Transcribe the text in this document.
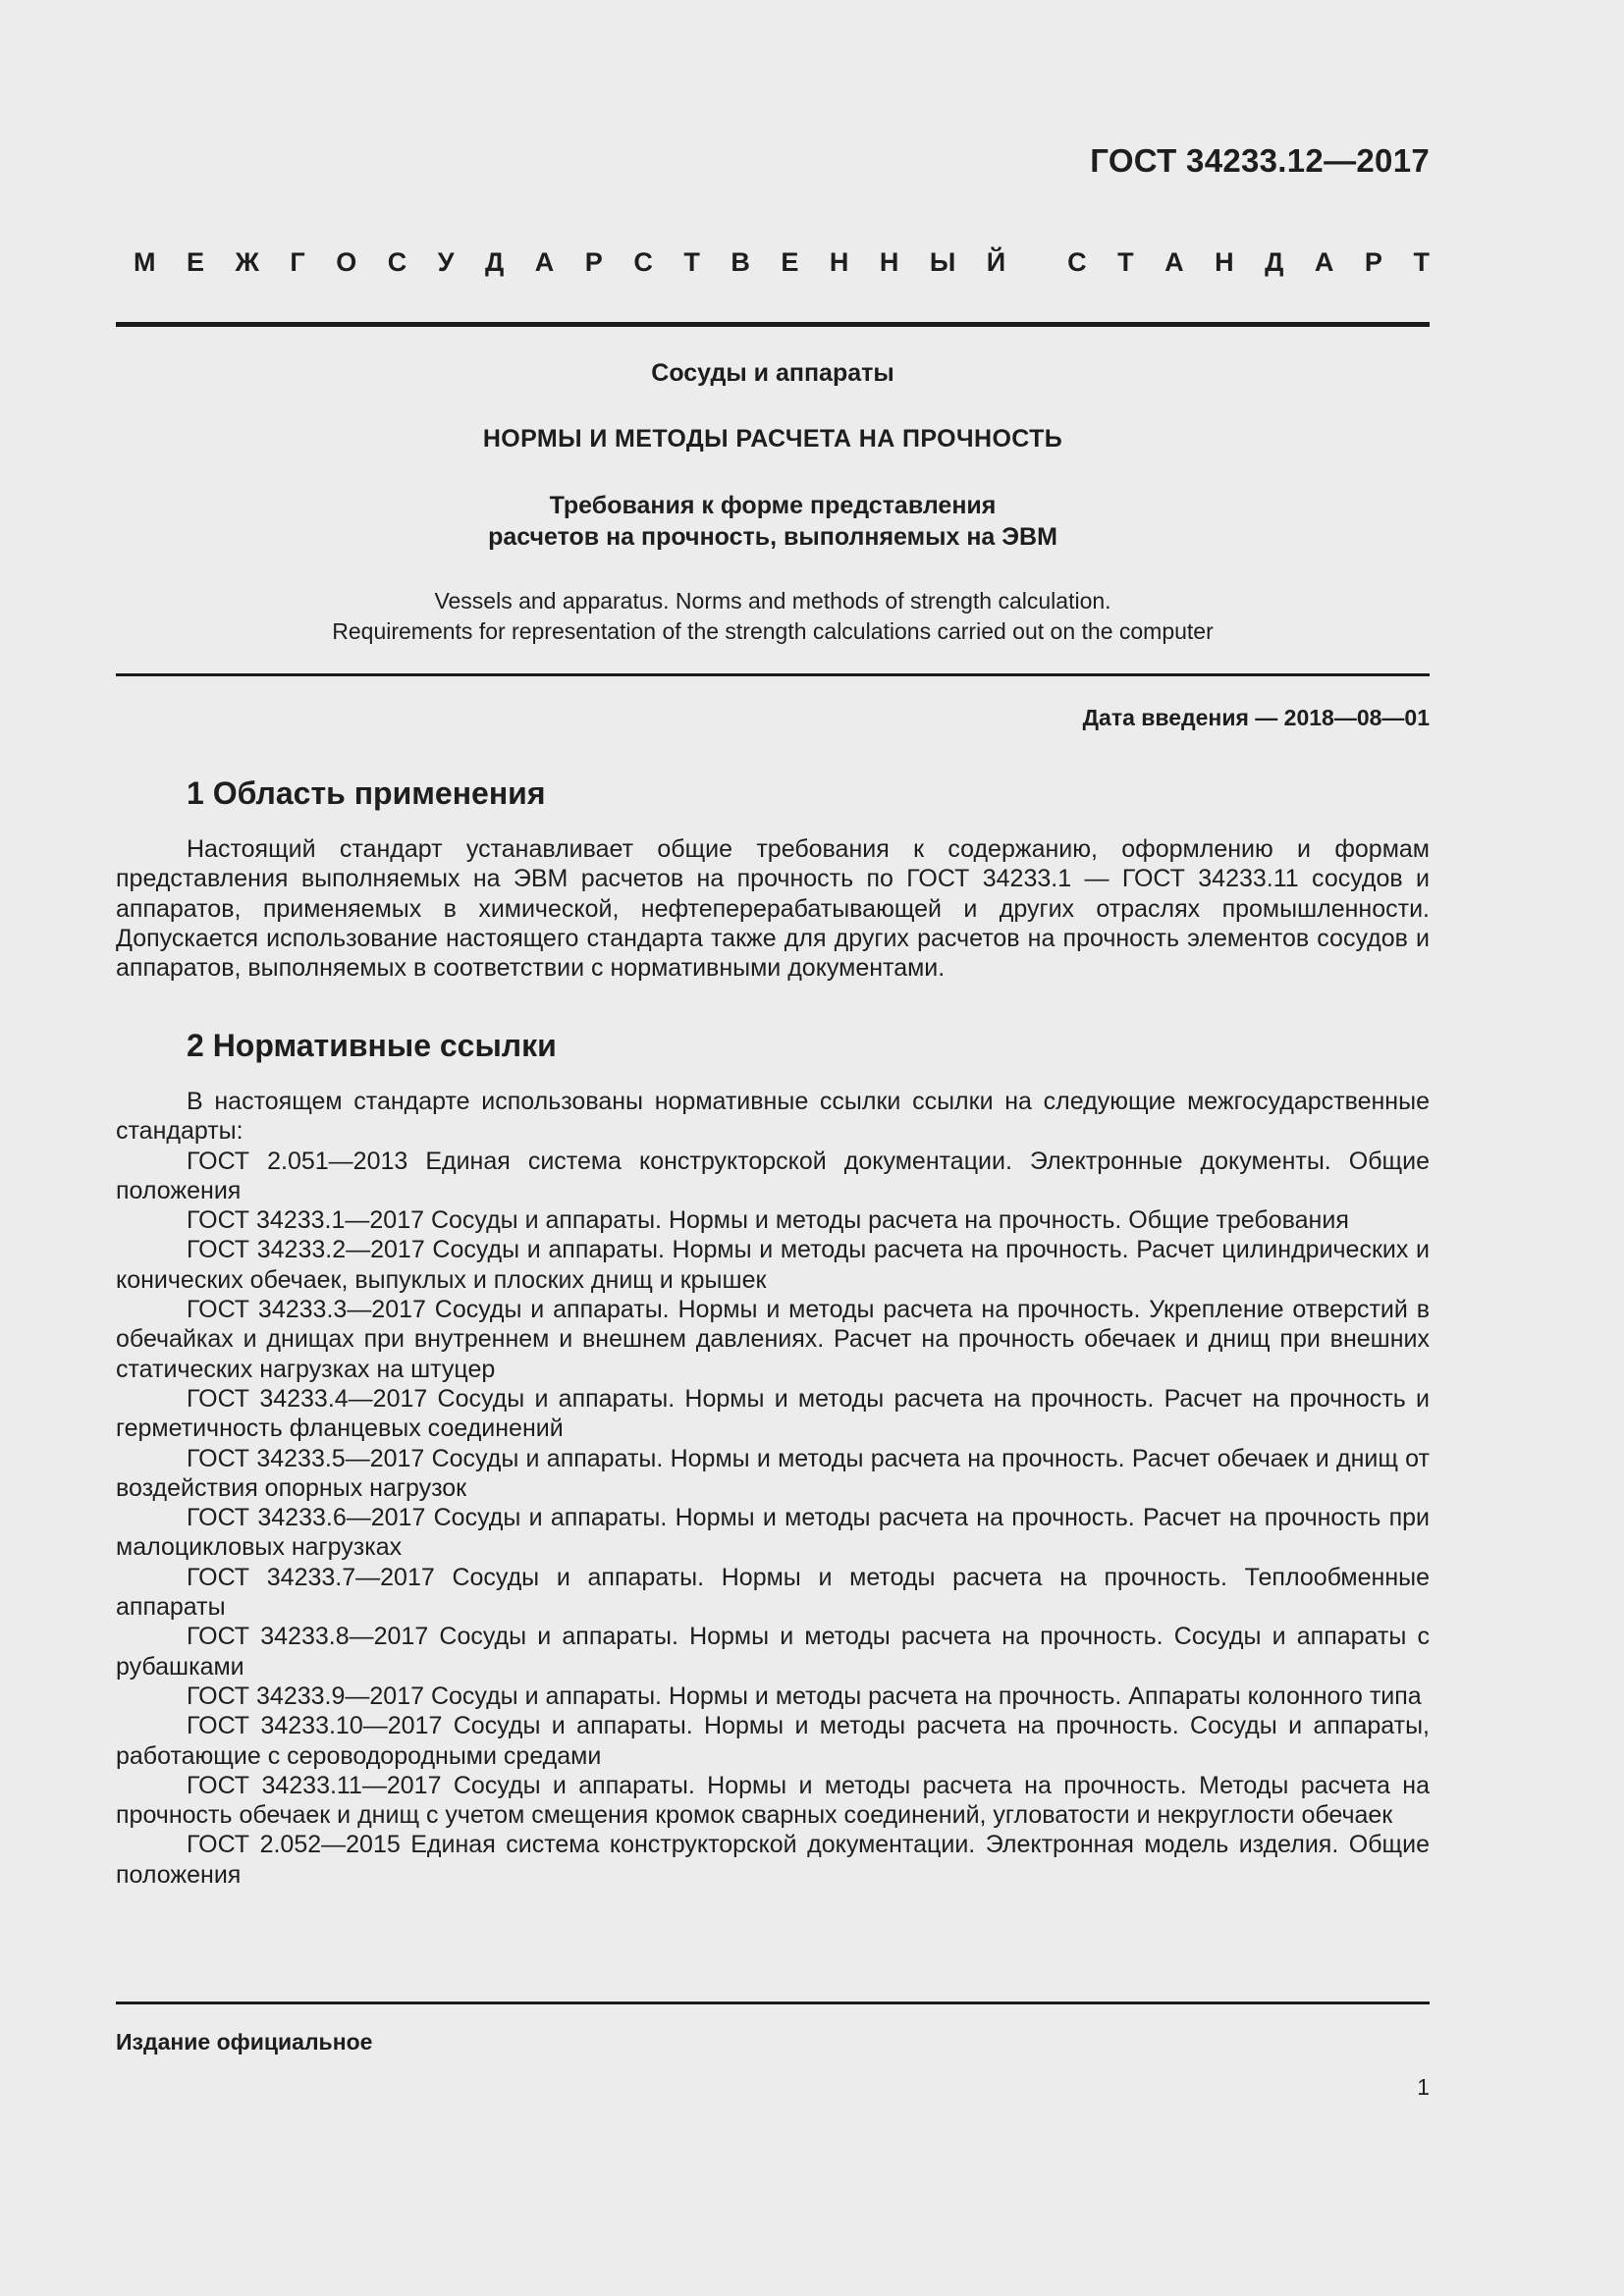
ГОСТ 34233.12—2017
М Е Ж Г О С У Д А Р С Т В Е Н Н Ы Й С Т А Н Д А Р Т
Сосуды и аппараты
НОРМЫ И МЕТОДЫ РАСЧЕТА НА ПРОЧНОСТЬ
Требования к форме представления
расчетов на прочность, выполняемых на ЭВМ
Vessels and apparatus. Norms and methods of strength calculation.
Requirements for representation of the strength calculations carried out on the computer
Дата введения — 2018—08—01
1 Область применения

Настоящий стандарт устанавливает общие требования к содержанию, оформлению и формам представления выполняемых на ЭВМ расчетов на прочность по ГОСТ 34233.1 — ГОСТ 34233.11 сосудов и аппаратов, применяемых в химической, нефтеперерабатывающей и других отраслях промышленности. Допускается использование настоящего стандарта также для других расчетов на прочность элементов сосудов и аппаратов, выполняемых в соответствии с нормативными документами.

2 Нормативные ссылки

В настоящем стандарте использованы нормативные ссылки ссылки на следующие межгосударственные стандарты:

ГОСТ 2.051—2013 Единая система конструкторской документации. Электронные документы. Общие положения

ГОСТ 34233.1—2017 Сосуды и аппараты. Нормы и методы расчета на прочность. Общие требования

ГОСТ 34233.2—2017 Сосуды и аппараты. Нормы и методы расчета на прочность. Расчет цилиндрических и конических обечаек, выпуклых и плоских днищ и крышек

ГОСТ 34233.3—2017 Сосуды и аппараты. Нормы и методы расчета на прочность. Укрепление отверстий в обечайках и днищах при внутреннем и внешнем давлениях. Расчет на прочность обечаек и днищ при внешних статических нагрузках на штуцер

ГОСТ 34233.4—2017 Сосуды и аппараты. Нормы и методы расчета на прочность. Расчет на прочность и герметичность фланцевых соединений

ГОСТ 34233.5—2017 Сосуды и аппараты. Нормы и методы расчета на прочность. Расчет обечаек и днищ от воздействия опорных нагрузок

ГОСТ 34233.6—2017 Сосуды и аппараты. Нормы и методы расчета на прочность. Расчет на прочность при малоцикловых нагрузках

ГОСТ 34233.7—2017 Сосуды и аппараты. Нормы и методы расчета на прочность. Теплообменные аппараты

ГОСТ 34233.8—2017 Сосуды и аппараты. Нормы и методы расчета на прочность. Сосуды и аппараты с рубашками

ГОСТ 34233.9—2017 Сосуды и аппараты. Нормы и методы расчета на прочность. Аппараты колонного типа

ГОСТ 34233.10—2017 Сосуды и аппараты. Нормы и методы расчета на прочность. Сосуды и аппараты, работающие с сероводородными средами

ГОСТ 34233.11—2017 Сосуды и аппараты. Нормы и методы расчета на прочность. Методы расчета на прочность обечаек и днищ с учетом смещения кромок сварных соединений, угловатости и некруглости обечаек

ГОСТ 2.052—2015 Единая система конструкторской документации. Электронная модель изделия. Общие положения

Издание официальное
1
